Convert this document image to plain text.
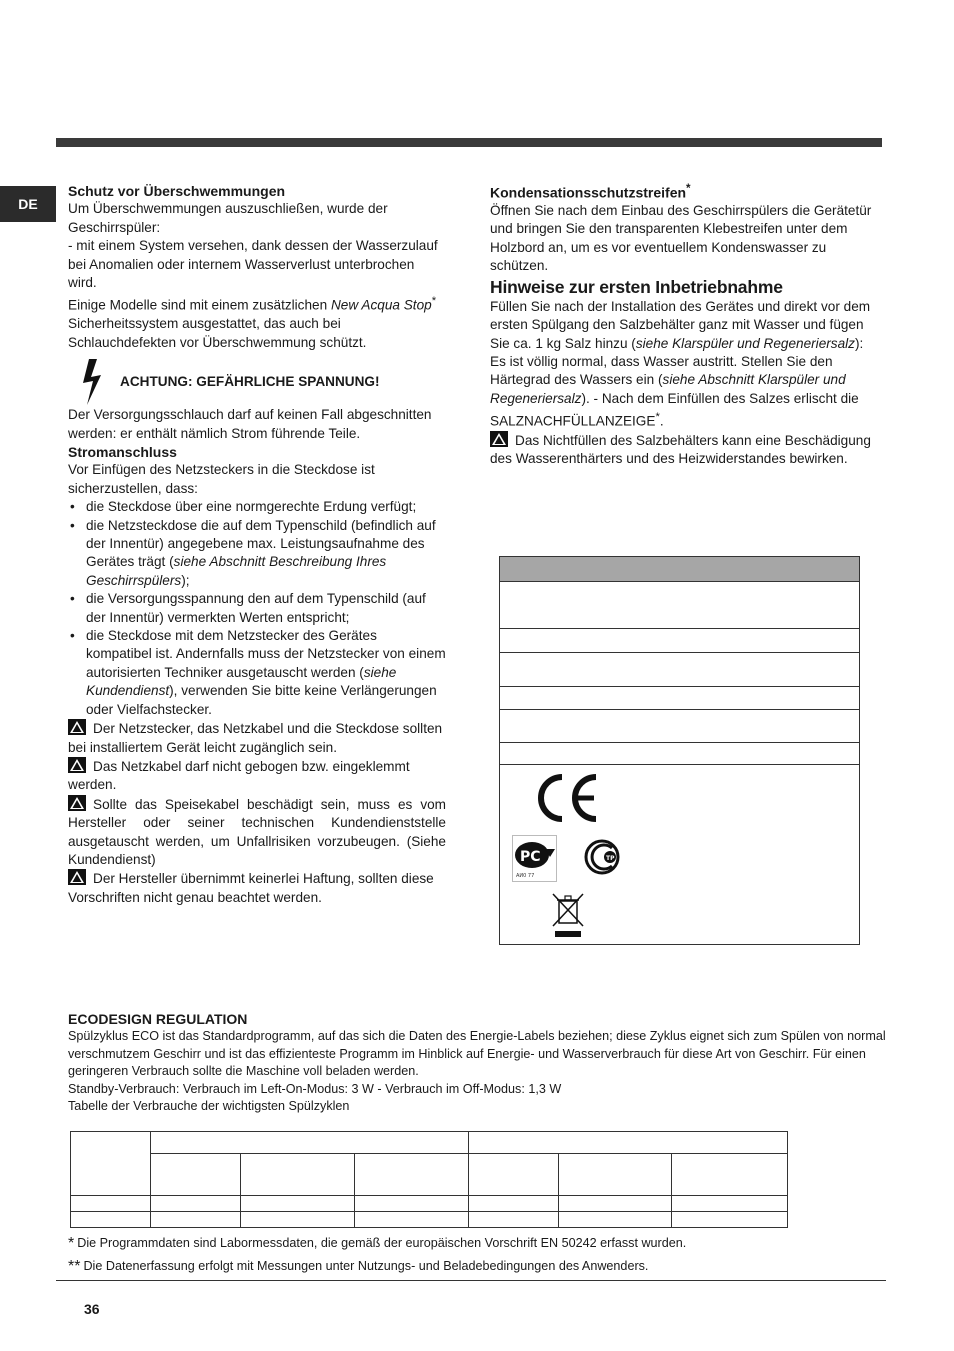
DE

Schutz vor Überschwemmungen

Um Überschwemmungen auszuschließen, wurde der Geschirrspüler:

- mit einem System versehen, dank dessen der Wasserzulauf bei Anomalien oder internem Wasserverlust unterbrochen wird.

Einige Modelle sind mit einem zusätzlichen New Acqua Stop* Sicherheitssystem ausgestattet, das auch bei Schlauchdefekten vor Überschwemmung schützt.

ACHTUNG: GEFÄHRLICHE SPANNUNG!

Der Versorgungsschlauch darf auf keinen Fall abgeschnitten werden: er enthält nämlich Strom führende Teile.

Stromanschluss

Vor Einfügen des Netzsteckers in die Steckdose ist sicherzustellen, dass:

• die Steckdose über eine normgerechte Erdung verfügt;
• die Netzsteckdose die auf dem Typenschild (befindlich auf der Innentür) angegebene max. Leistungsaufnahme des Gerätes trägt (siehe Abschnitt Beschreibung Ihres Geschirrspülers);
• die Versorgungsspannung den auf dem Typenschild (auf der Innentür) vermerkten Werten entspricht;
• die Steckdose mit dem Netzstecker des Gerätes kompatibel ist. Andernfalls muss der Netzstecker von einem autorisierten Techniker ausgetauscht werden (siehe Kundendienst), verwenden Sie bitte keine Verlängerungen oder Vielfachstecker.

Der Netzstecker, das Netzkabel und die Steckdose sollten bei installiertem Gerät leicht zugänglich sein.

Das Netzkabel darf nicht gebogen bzw. eingeklemmt werden.

Sollte das Speisekabel beschädigt sein, muss es vom Hersteller oder seiner technischen Kundendienststelle ausgetauscht werden, um Unfallrisiken vorzubeugen. (Siehe Kundendienst)

Der Hersteller übernimmt keinerlei Haftung, sollten diese Vorschriften nicht genau beachtet werden.

Kondensationsschutzstreifen*

Öffnen Sie nach dem Einbau des Geschirrspülers die Gerätetür und bringen Sie den transparenten Klebestreifen unter dem Holzbord an, um es vor eventuellem Kondenswasser zu schützen.

Hinweise zur ersten Inbetriebnahme

Füllen Sie nach der Installation des Gerätes und direkt vor dem ersten Spülgang den Salzbehälter ganz mit Wasser und fügen Sie ca. 1 kg Salz hinzu (siehe Klarspüler und Regeneriersalz): Es ist völlig normal, dass Wasser austritt. Stellen Sie den Härtegrad des Wassers ein (siehe Abschnitt Klarspüler und Regeneriersalz). - Nach dem Einfüllen des Salzes erlischt die SALZNACHFÜLLANZEIGE*.

Das Nichtfüllen des Salzbehälters kann eine Beschädigung des Wasserenthärters und des Heizwiderstandes bewirken.

PC
АИ0 77
TP

ECODESIGN REGULATION

Spülzyklus ECO ist das Standardprogramm, auf das sich die Daten des Energie-Labels beziehen; diese Zyklus eignet sich zum Spülen von normal verschmutzem Geschirr und ist das effizienteste Programm im Hinblick auf Energie- und Wasserverbrauch für diese Art von Geschirr. Für einen geringeren Verbrauch sollte die Maschine voll beladen werden.

Standby-Verbrauch: Verbrauch im Left-On-Modus: 3 W - Verbrauch im Off-Modus: 1,3 W

Tabelle der Verbrauche der wichtigsten Spülzyklen

* Die Programmdaten sind Labormessdaten, die gemäß der europäischen Vorschrift EN 50242 erfasst wurden.

** Die Datenerfassung erfolgt mit Messungen unter Nutzungs- und Beladebedingungen des Anwenders.

36
